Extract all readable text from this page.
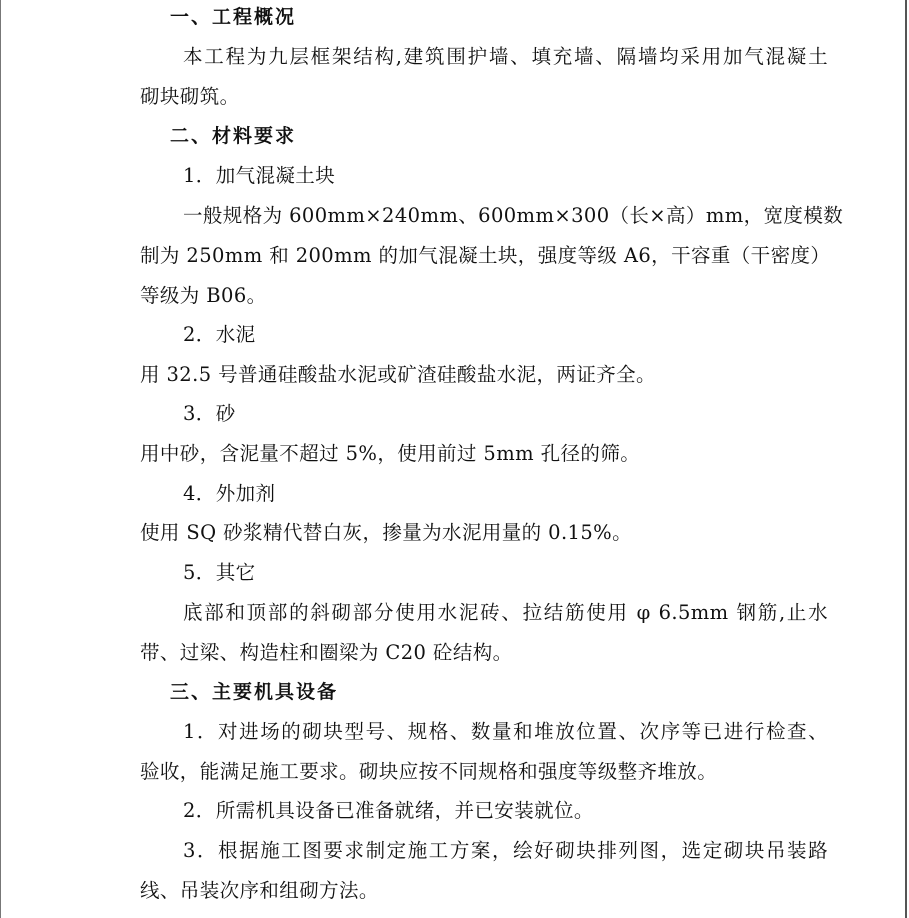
一、工程概况
本工程为九层框架结构,建筑围护墙、填充墙、隔墙均采用加气混凝土
砌块砌筑。
二、材料要求
1．加气混凝土块
一般规格为 600mm×240mm、600mm×300（长×高）mm，宽度模数
制为 250mm 和 200mm 的加气混凝土块，强度等级 A6，干容重（干密度）
等级为 B06。
2．水泥
用 32.5 号普通硅酸盐水泥或矿渣硅酸盐水泥，两证齐全。
3．砂
用中砂，含泥量不超过 5%，使用前过 5mm 孔径的筛。
4．外加剂
使用 SQ 砂浆精代替白灰，掺量为水泥用量的 0.15%。
5．其它
底部和顶部的斜砌部分使用水泥砖、拉结筋使用 φ 6.5mm 钢筋,止水
带、过梁、构造柱和圈梁为 C20 砼结构。
三、主要机具设备
1．对进场的砌块型号、规格、数量和堆放位置、次序等已进行检查、
验收，能满足施工要求。砌块应按不同规格和强度等级整齐堆放。
2．所需机具设备已准备就绪，并已安装就位。
3．根据施工图要求制定施工方案，绘好砌块排列图，选定砌块吊装路
线、吊装次序和组砌方法。
